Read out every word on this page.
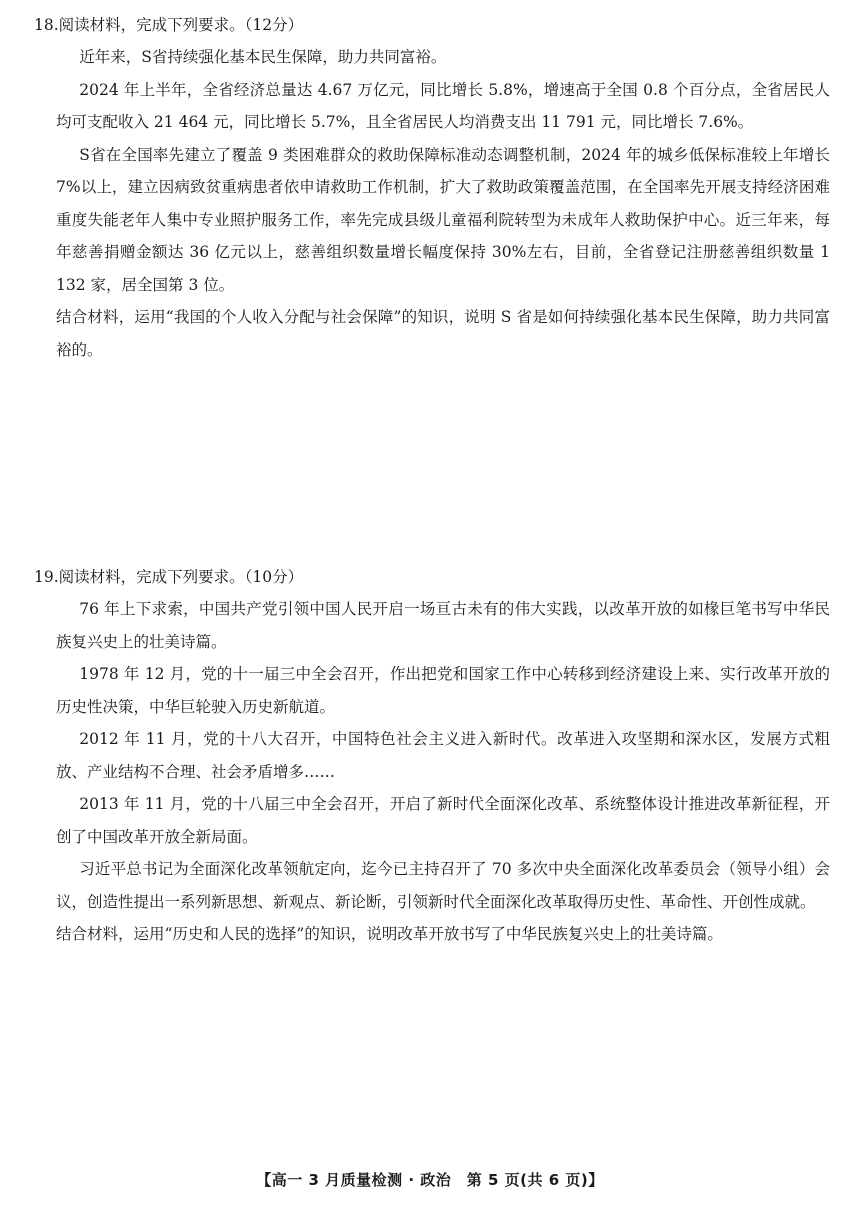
18.阅读材料，完成下列要求。（12分）

近年来，S省持续强化基本民生保障，助力共同富裕。

2024 年上半年，全省经济总量达 4.67 万亿元，同比增长 5.8%，增速高于全国 0.8 个百分点，全省居民人均可支配收入 21 464 元，同比增长 5.7%，且全省居民人均消费支出 11 791 元，同比增长 7.6%。

S省在全国率先建立了覆盖 9 类困难群众的救助保障标准动态调整机制，2024 年的城乡低保标准较上年增长 7%以上，建立因病致贫重病患者依申请救助工作机制，扩大了救助政策覆盖范围，在全国率先开展支持经济困难重度失能老年人集中专业照护服务工作，率先完成县级儿童福利院转型为未成年人救助保护中心。近三年来，每年慈善捐赠金额达 36 亿元以上，慈善组织数量增长幅度保持 30%左右，目前，全省登记注册慈善组织数量 1 132 家，居全国第 3 位。

结合材料，运用“我国的个人收入分配与社会保障”的知识，说明 S 省是如何持续强化基本民生保障，助力共同富裕的。

19.阅读材料，完成下列要求。（10分）

76 年上下求索，中国共产党引领中国人民开启一场亘古未有的伟大实践，以改革开放的如椽巨笔书写中华民族复兴史上的壮美诗篇。

1978 年 12 月，党的十一届三中全会召开，作出把党和国家工作中心转移到经济建设上来、实行改革开放的历史性决策，中华巨轮驶入历史新航道。

2012 年 11 月，党的十八大召开，中国特色社会主义进入新时代。改革进入攻坚期和深水区，发展方式粗放、产业结构不合理、社会矛盾增多……

2013 年 11 月，党的十八届三中全会召开，开启了新时代全面深化改革、系统整体设计推进改革新征程，开创了中国改革开放全新局面。

习近平总书记为全面深化改革领航定向，迄今已主持召开了 70 多次中央全面深化改革委员会（领导小组）会议，创造性提出一系列新思想、新观点、新论断，引领新时代全面深化改革取得历史性、革命性、开创性成就。

结合材料，运用“历史和人民的选择”的知识，说明改革开放书写了中华民族复兴史上的壮美诗篇。

【高一 3 月质量检测 · 政治　第 5 页(共 6 页)】
